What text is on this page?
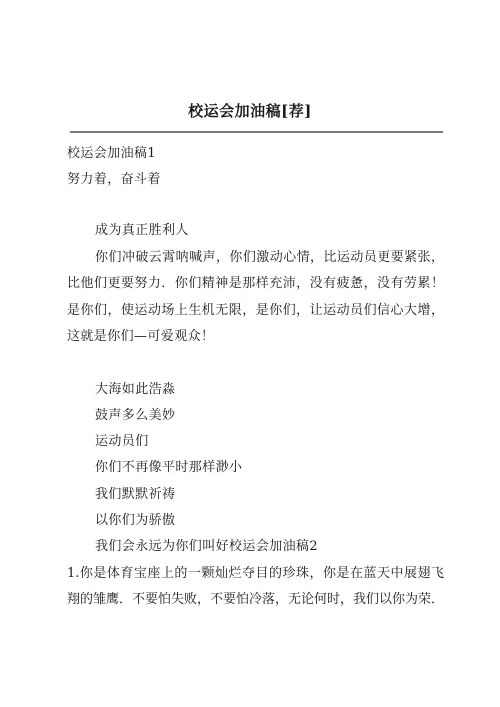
校运会加油稿[荐]
校运会加油稿1
努力着，奋斗着
成为真正胜利人
你们冲破云霄呐喊声，你们激动心情，比运动员更要紧张，
比他们更要努力．你们精神是那样充沛，没有疲惫，没有劳累！
是你们，使运动场上生机无限，是你们，让运动员们信心大增，
这就是你们—可爱观众！
大海如此浩淼
鼓声多么美妙
运动员们
你们不再像平时那样渺小
我们默默祈祷
以你们为骄傲
我们会永远为你们叫好校运会加油稿2
1.你是体育宝座上的一颗灿烂夺目的珍珠，你是在蓝天中展翅飞
翔的雏鹰．不要怕失败，不要怕冷落，无论何时，我们以你为荣．
